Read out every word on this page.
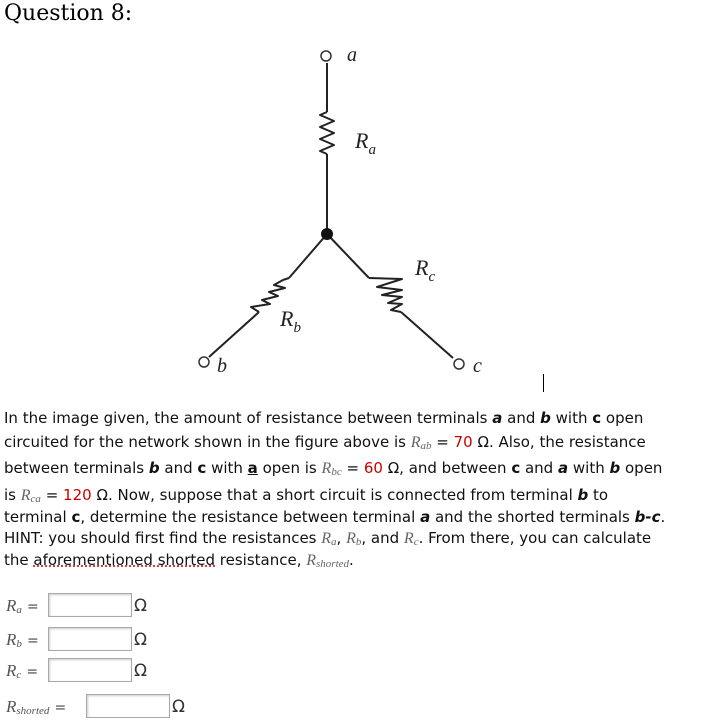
Question 8:
a
b	c
$R_a$
$R_b$
$R_c$
In the image given, the amount of resistance between terminals a and b with c open
circuited for the network shown in the figure above is $R_{ab} = 70$ Ω. Also, the resistance
between terminals b and c with a open is $R_{bc} = 60$ Ω, and between c and a with b open
is $R_{ca} = 120$ Ω. Now, suppose that a short circuit is connected from terminal b to
terminal c, determine the resistance between terminal a and the shorted terminals b-c.
HINT: you should first find the resistances $R_a$, $R_b$, and $R_c$. From there, you can calculate
the aforementioned shorted resistance, $R_{shorted}$.
$R_a$ =	Ω
$R_b$ =	Ω
$R_c$ =	Ω
$R_{shorted}$ =	Ω
